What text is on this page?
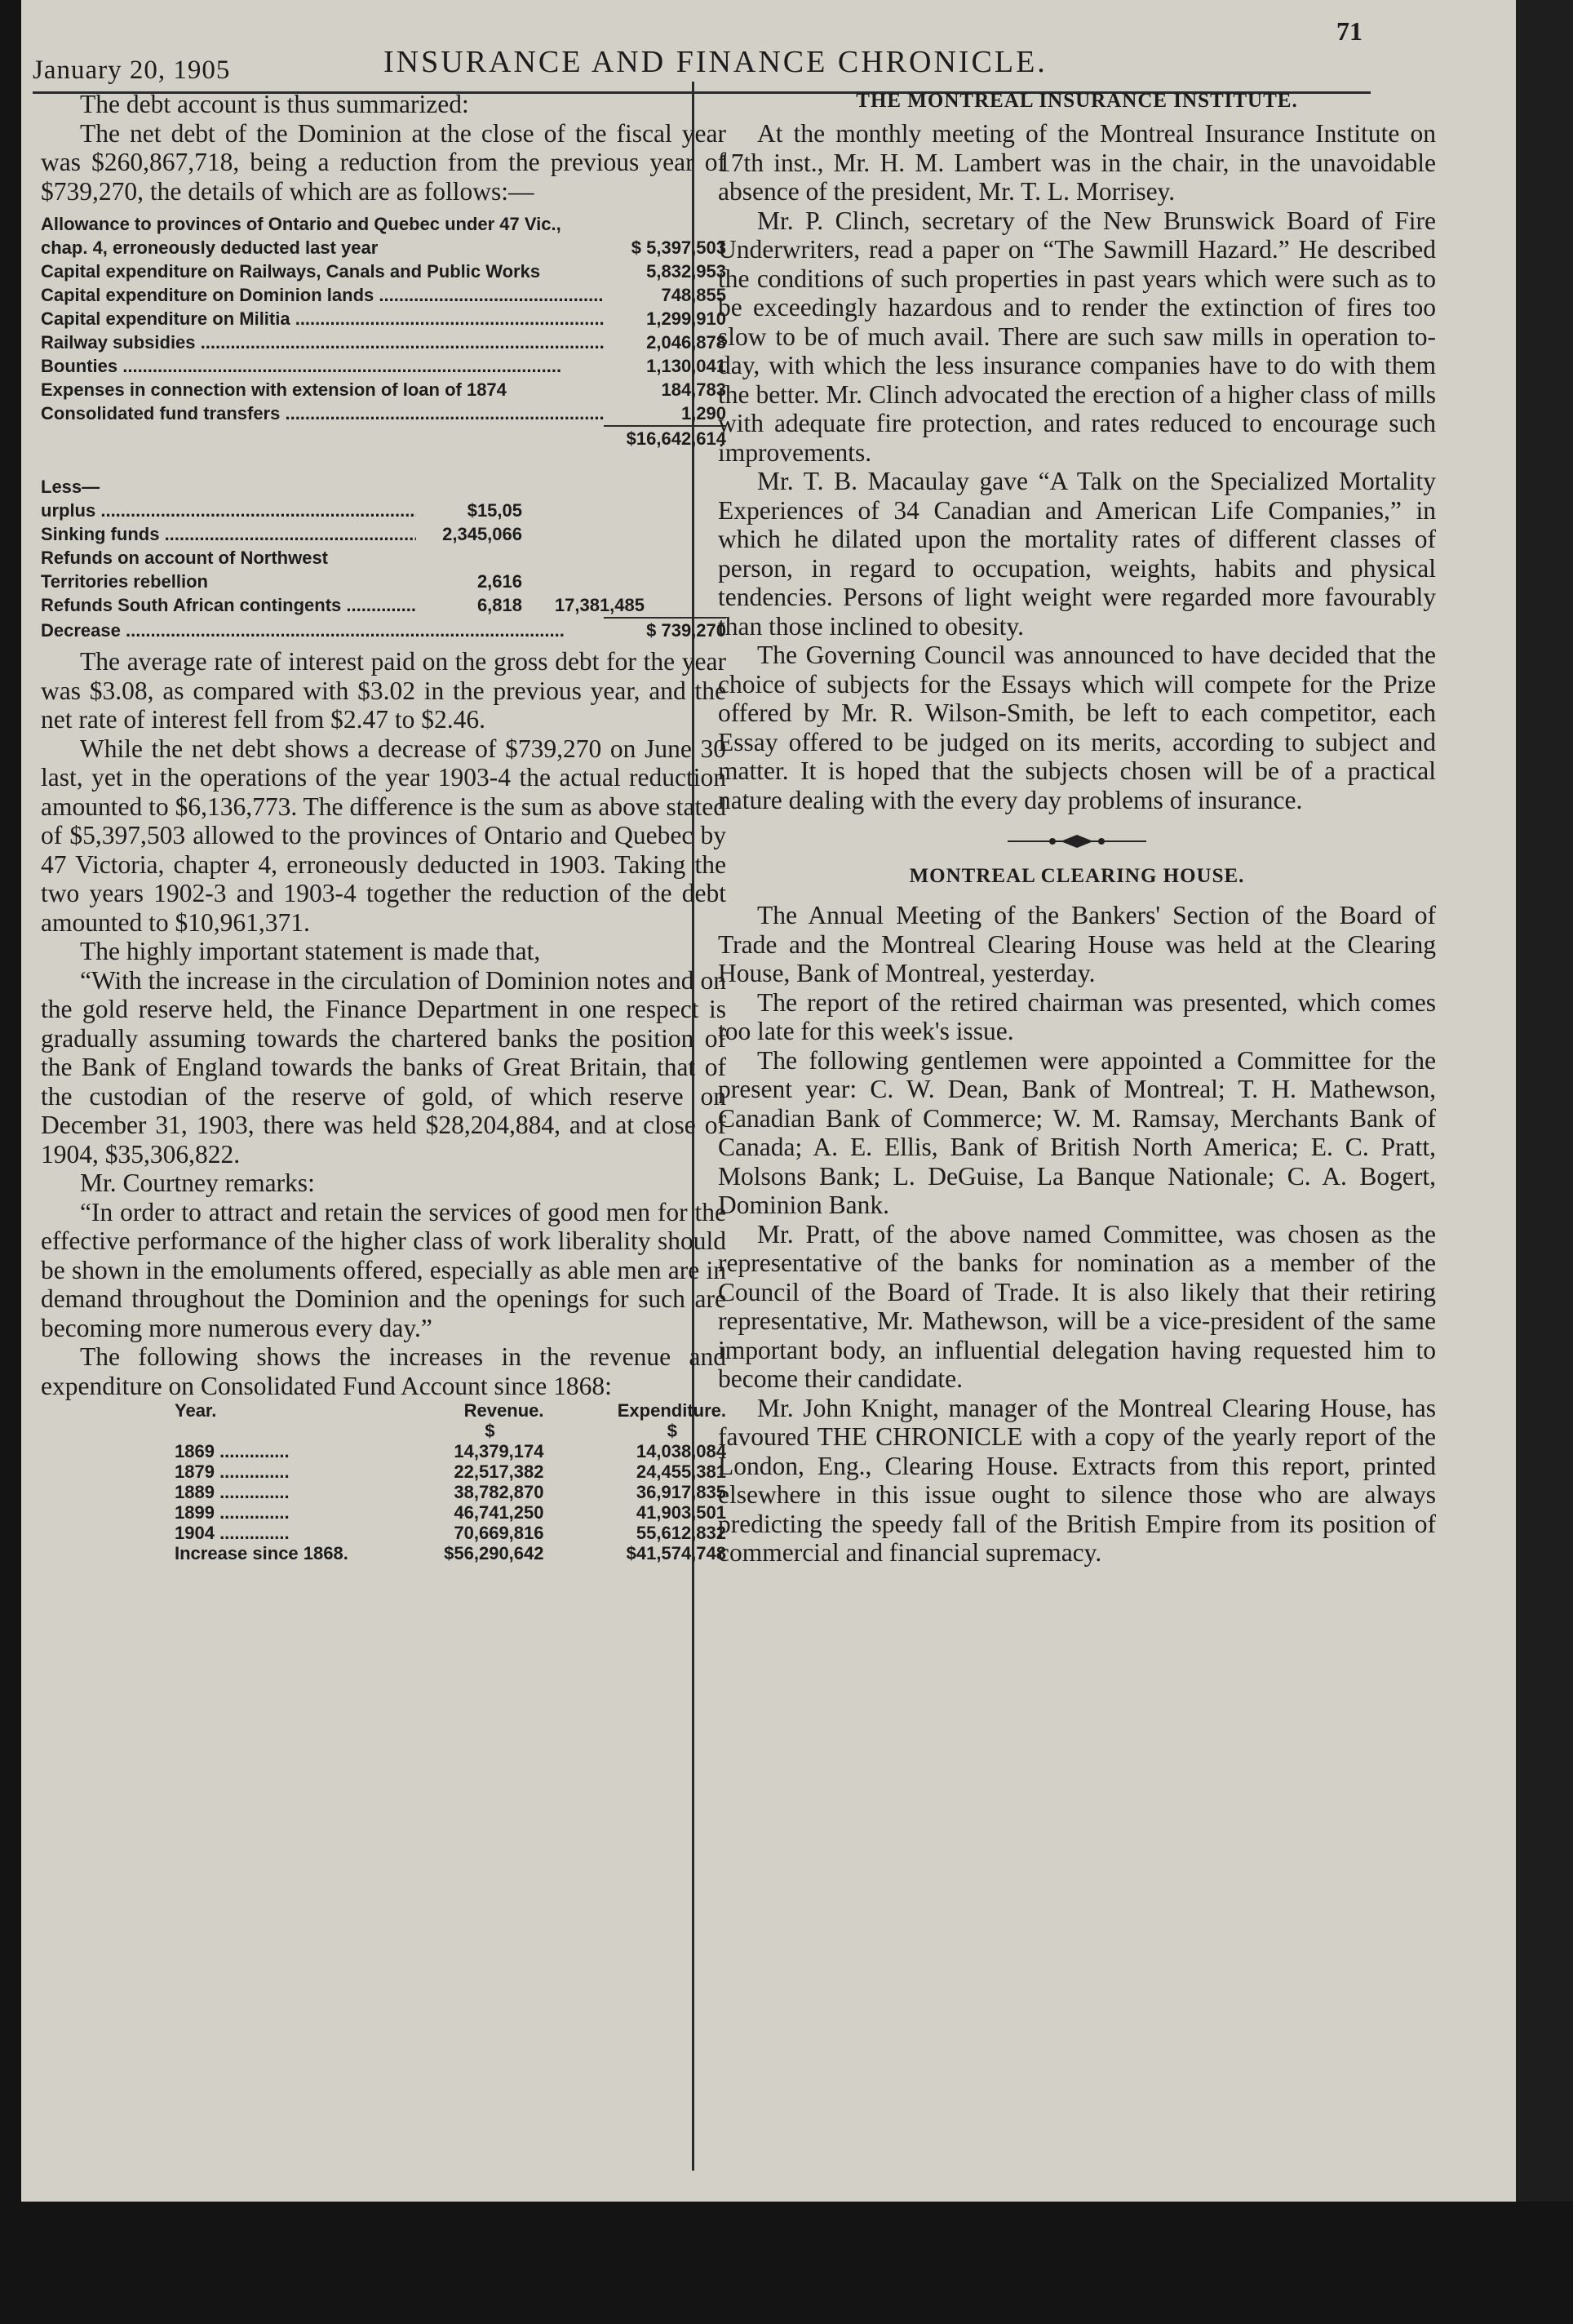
January 20, 1905	INSURANCE AND FINANCE CHRONICLE.
71

The debt account is thus summarized:

The net debt of the Dominion at the close of the fiscal year was $260,867,718, being a reduction from the previous year of $739,270, the details of which are as follows:—

Allowance to provinces of Ontario and Quebec under 47 Vic., chap. 4, erroneously deducted last year	$ 5,397,503
Capital expenditure on Railways, Canals and Public Works	5,832,953
Capital expenditure on Dominion lands .....	748,855
Capital expenditure on Militia .....	1,299,910
Railway subsidies .....	2,046,878
Bounties .....	1,130,041
Expenses in connection with extension of loan of 1874	184,783
Consolidated fund transfers .....	1,290
$16,642,614
Less—
urplus .....	$15,05
Sinking funds .....	2,345,066
Refunds on account of Northwest Territories rebellion	2,616
Refunds South African contingents .....	6,818	17,381,485
Decrease .....	$ 739,270

The average rate of interest paid on the gross debt for the year was $3.08, as compared with $3.02 in the previous year, and the net rate of interest fell from $2.47 to $2.46.

While the net debt shows a decrease of $739,270 on June 30 last, yet in the operations of the year 1903-4 the actual reduction amounted to $6,136,773. The difference is the sum as above stated of $5,397,503 allowed to the provinces of Ontario and Quebec by 47 Victoria, chapter 4, erroneously deducted in 1903. Taking the two years 1902-3 and 1903-4 together the reduction of the debt amounted to $10,961,371.

The highly important statement is made that,

“With the increase in the circulation of Dominion notes and on the gold reserve held, the Finance Department in one respect is gradually assuming towards the chartered banks the position of the Bank of England towards the banks of Great Britain, that of the custodian of the reserve of gold, of which reserve on December 31, 1903, there was held $28,204,884, and at close of 1904, $35,306,822.

Mr. Courtney remarks:

“In order to attract and retain the services of good men for the effective performance of the higher class of work liberality should be shown in the emoluments offered, especially as able men are in demand throughout the Dominion and the openings for such are becoming more numerous every day.”

The following shows the increases in the revenue and expenditure on Consolidated Fund Account since 1868:

Year.	Revenue.	Expenditure.
	$	$
1869 ..............	14,379,174	14,038,084
1879 ..............	22,517,382	24,455,381
1889 ..............	38,782,870	36,917,835
1899 ..............	46,741,250	41,903,501
1904 ..............	70,669,816	55,612,832
Increase since 1868.	$56,290,642	$41,574,748
THE MONTREAL INSURANCE INSTITUTE.

At the monthly meeting of the Montreal Insurance Institute on 17th inst., Mr. H. M. Lambert was in the chair, in the unavoidable absence of the president, Mr. T. L. Morrisey.

Mr. P. Clinch, secretary of the New Brunswick Board of Fire Underwriters, read a paper on “The Sawmill Hazard.” He described the conditions of such properties in past years which were such as to be exceedingly hazardous and to render the extinction of fires too slow to be of much avail. There are such saw mills in operation to-day, with which the less insurance companies have to do with them the better. Mr. Clinch advocated the erection of a higher class of mills with adequate fire protection, and rates reduced to encourage such improvements.

Mr. T. B. Macaulay gave “A Talk on the Specialized Mortality Experiences of 34 Canadian and American Life Companies,” in which he dilated upon the mortality rates of different classes of person, in regard to occupation, weights, habits and physical tendencies. Persons of light weight were regarded more favourably than those inclined to obesity.

The Governing Council was announced to have decided that the choice of subjects for the Essays which will compete for the Prize offered by Mr. R. Wilson-Smith, be left to each competitor, each Essay offered to be judged on its merits, according to subject and matter. It is hoped that the subjects chosen will be of a practical nature dealing with the every day problems of insurance.

MONTREAL CLEARING HOUSE.

The Annual Meeting of the Bankers' Section of the Board of Trade and the Montreal Clearing House was held at the Clearing House, Bank of Montreal, yesterday.

The report of the retired chairman was presented, which comes too late for this week's issue.

The following gentlemen were appointed a Committee for the present year: C. W. Dean, Bank of Montreal; T. H. Mathewson, Canadian Bank of Commerce; W. M. Ramsay, Merchants Bank of Canada; A. E. Ellis, Bank of British North America; E. C. Pratt, Molsons Bank; L. DeGuise, La Banque Nationale; C. A. Bogert, Dominion Bank.

Mr. Pratt, of the above named Committee, was chosen as the representative of the banks for nomination as a member of the Council of the Board of Trade. It is also likely that their retiring representative, Mr. Mathewson, will be a vice-president of the same important body, an influential delegation having requested him to become their candidate.

Mr. John Knight, manager of the Montreal Clearing House, has favoured THE CHRONICLE with a copy of the yearly report of the London, Eng., Clearing House. Extracts from this report, printed elsewhere in this issue ought to silence those who are always predicting the speedy fall of the British Empire from its position of commercial and financial supremacy.
